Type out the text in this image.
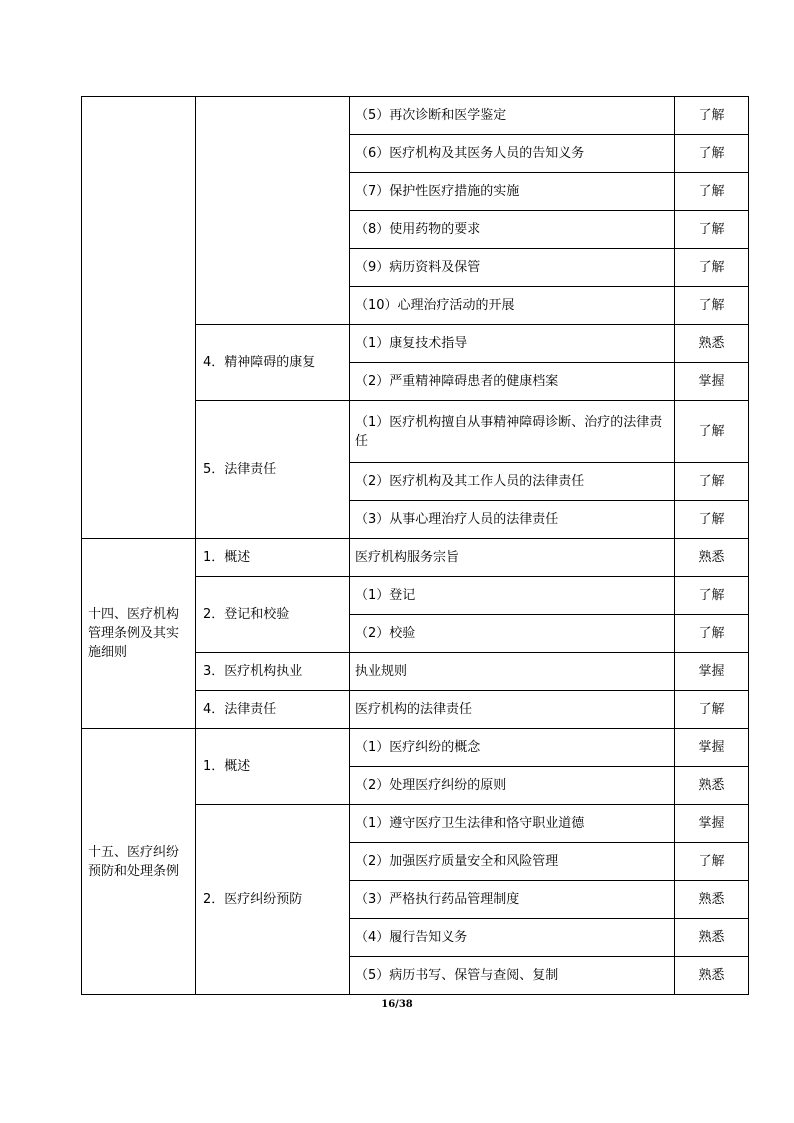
		（5）再次诊断和医学鉴定	了解
		（6）医疗机构及其医务人员的告知义务	了解
		（7）保护性医疗措施的实施	了解
		（8）使用药物的要求	了解
		（9）病历资料及保管	了解
		（10）心理治疗活动的开展	了解
	4．精神障碍的康复	（1）康复技术指导	熟悉
		（2）严重精神障碍患者的健康档案	掌握
	5．法律责任	（1）医疗机构擅自从事精神障碍诊断、治疗的法律责任	了解
		（2）医疗机构及其工作人员的法律责任	了解
		（3）从事心理治疗人员的法律责任	了解
十四、医疗机构管理条例及其实施细则	1．概述	医疗机构服务宗旨	熟悉
	2．登记和校验	（1）登记	了解
		（2）校验	了解
	3．医疗机构执业	执业规则	掌握
	4．法律责任	医疗机构的法律责任	了解
十五、医疗纠纷预防和处理条例	1．概述	（1）医疗纠纷的概念	掌握
		（2）处理医疗纠纷的原则	熟悉
	2．医疗纠纷预防	（1）遵守医疗卫生法律和恪守职业道德	掌握
		（2）加强医疗质量安全和风险管理	了解
		（3）严格执行药品管理制度	熟悉
		（4）履行告知义务	熟悉
		（5）病历书写、保管与查阅、复制	熟悉
16/38
